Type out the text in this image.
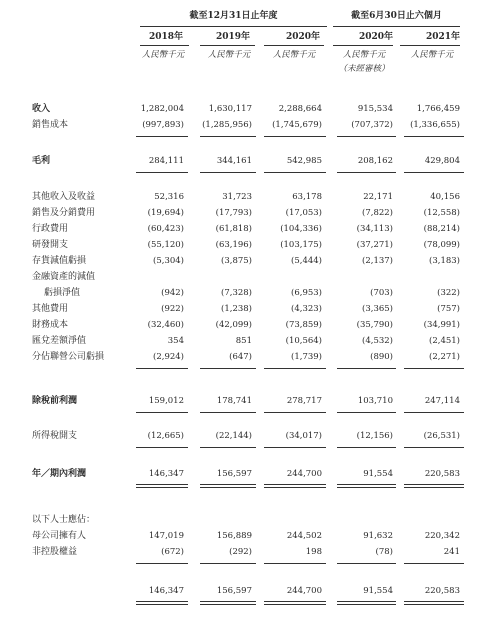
截至12月31日止年度	截至6月30日止六個月
2018年	2019年	2020年	2020年	2021年
人民幣千元	人民幣千元	人民幣千元	人民幣千元	人民幣千元
（未經審核）
收入	1,282,004	1,630,117	2,288,664	915,534	1,766,459
銷售成本	(997,893)	(1,285,956)	(1,745,679)	(707,372)	(1,336,655)
毛利	284,111	344,161	542,985	208,162	429,804
其他收入及收益	52,316	31,723	63,178	22,171	40,156
銷售及分銷費用	(19,694)	(17,793)	(17,053)	(7,822)	(12,558)
行政費用	(60,423)	(61,818)	(104,336)	(34,113)	(88,214)
研發開支	(55,120)	(63,196)	(103,175)	(37,271)	(78,099)
存貨減值虧損	(5,304)	(3,875)	(5,444)	(2,137)	(3,183)
金融資產的減值
虧損淨值	(942)	(7,328)	(6,953)	(703)	(322)
其他費用	(922)	(1,238)	(4,323)	(3,365)	(757)
財務成本	(32,460)	(42,099)	(73,859)	(35,790)	(34,991)
匯兌差額淨值	354	851	(10,564)	(4,532)	(2,451)
分佔聯營公司虧損	(2,924)	(647)	(1,739)	(890)	(2,271)
除稅前利潤	159,012	178,741	278,717	103,710	247,114
所得稅開支	(12,665)	(22,144)	(34,017)	(12,156)	(26,531)
年／期內利潤	146,347	156,597	244,700	91,554	220,583
以下人士應佔：
母公司擁有人	147,019	156,889	244,502	91,632	220,342
非控股權益	(672)	(292)	198	(78)	241
146,347	156,597	244,700	91,554	220,583
